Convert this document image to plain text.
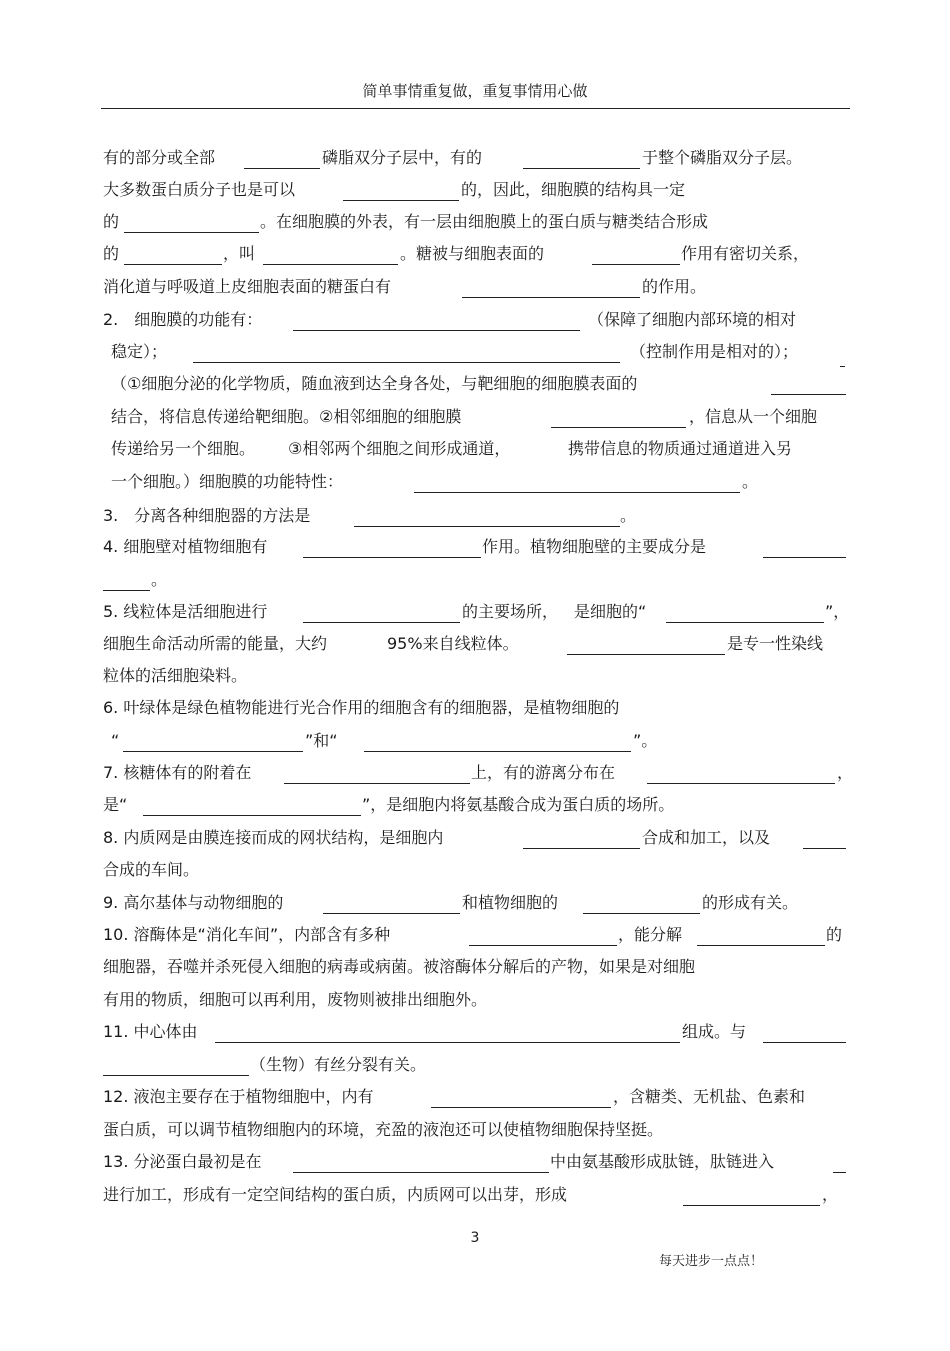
简单事情重复做，重复事情用心做
有的部分或全部	磷脂双分子层中，有的	于整个磷脂双分子层。
大多数蛋白质分子也是可以	的，因此，细胞膜的结构具一定
的	。在细胞膜的外表，有一层由细胞膜上的蛋白质与糖类结合形成
的	，叫	。糖被与细胞表面的	作用有密切关系，
消化道与呼吸道上皮细胞表面的糖蛋白有	的作用。
2.　细胞膜的功能有：	（保障了细胞内部环境的相对
稳定）；	（控制作用是相对的）；
（①细胞分泌的化学物质，随血液到达全身各处，与靶细胞的细胞膜表面的
结合，将信息传递给靶细胞。②相邻细胞的细胞膜	，信息从一个细胞
传递给另一个细胞。 ③相邻两个细胞之间形成通道，	携带信息的物质通过通道进入另
一个细胞。）细胞膜的功能特性：	。
3.　分离各种细胞器的方法是	。
4. 细胞壁对植物细胞有	作用。植物细胞壁的主要成分是
。
5. 线粒体是活细胞进行	的主要场所， 是细胞的“	”，
细胞生命活动所需的能量，大约	95%来自线粒体。	是专一性染线
粒体的活细胞染料。
6. 叶绿体是绿色植物能进行光合作用的细胞含有的细胞器，是植物细胞的
“	”和“	”。
7. 核糖体有的附着在	上，有的游离分布在	，
是“	”，是细胞内将氨基酸合成为蛋白质的场所。
8. 内质网是由膜连接而成的网状结构，是细胞内	合成和加工，以及
合成的车间。
9. 高尔基体与动物细胞的	和植物细胞的	的形成有关。
10. 溶酶体是“消化车间”，内部含有多种	，能分解	的
细胞器，吞噬并杀死侵入细胞的病毒或病菌。被溶酶体分解后的产物，如果是对细胞
有用的物质，细胞可以再利用，废物则被排出细胞外。
11. 中心体由	组成。与
（生物）有丝分裂有关。
12. 液泡主要存在于植物细胞中，内有	，含糖类、无机盐、色素和
蛋白质，可以调节植物细胞内的环境，充盈的液泡还可以使植物细胞保持坚挺。
13. 分泌蛋白最初是在	中由氨基酸形成肽链，肽链进入
进行加工，形成有一定空间结构的蛋白质，内质网可以出芽，形成	，
3
每天进步一点点！
